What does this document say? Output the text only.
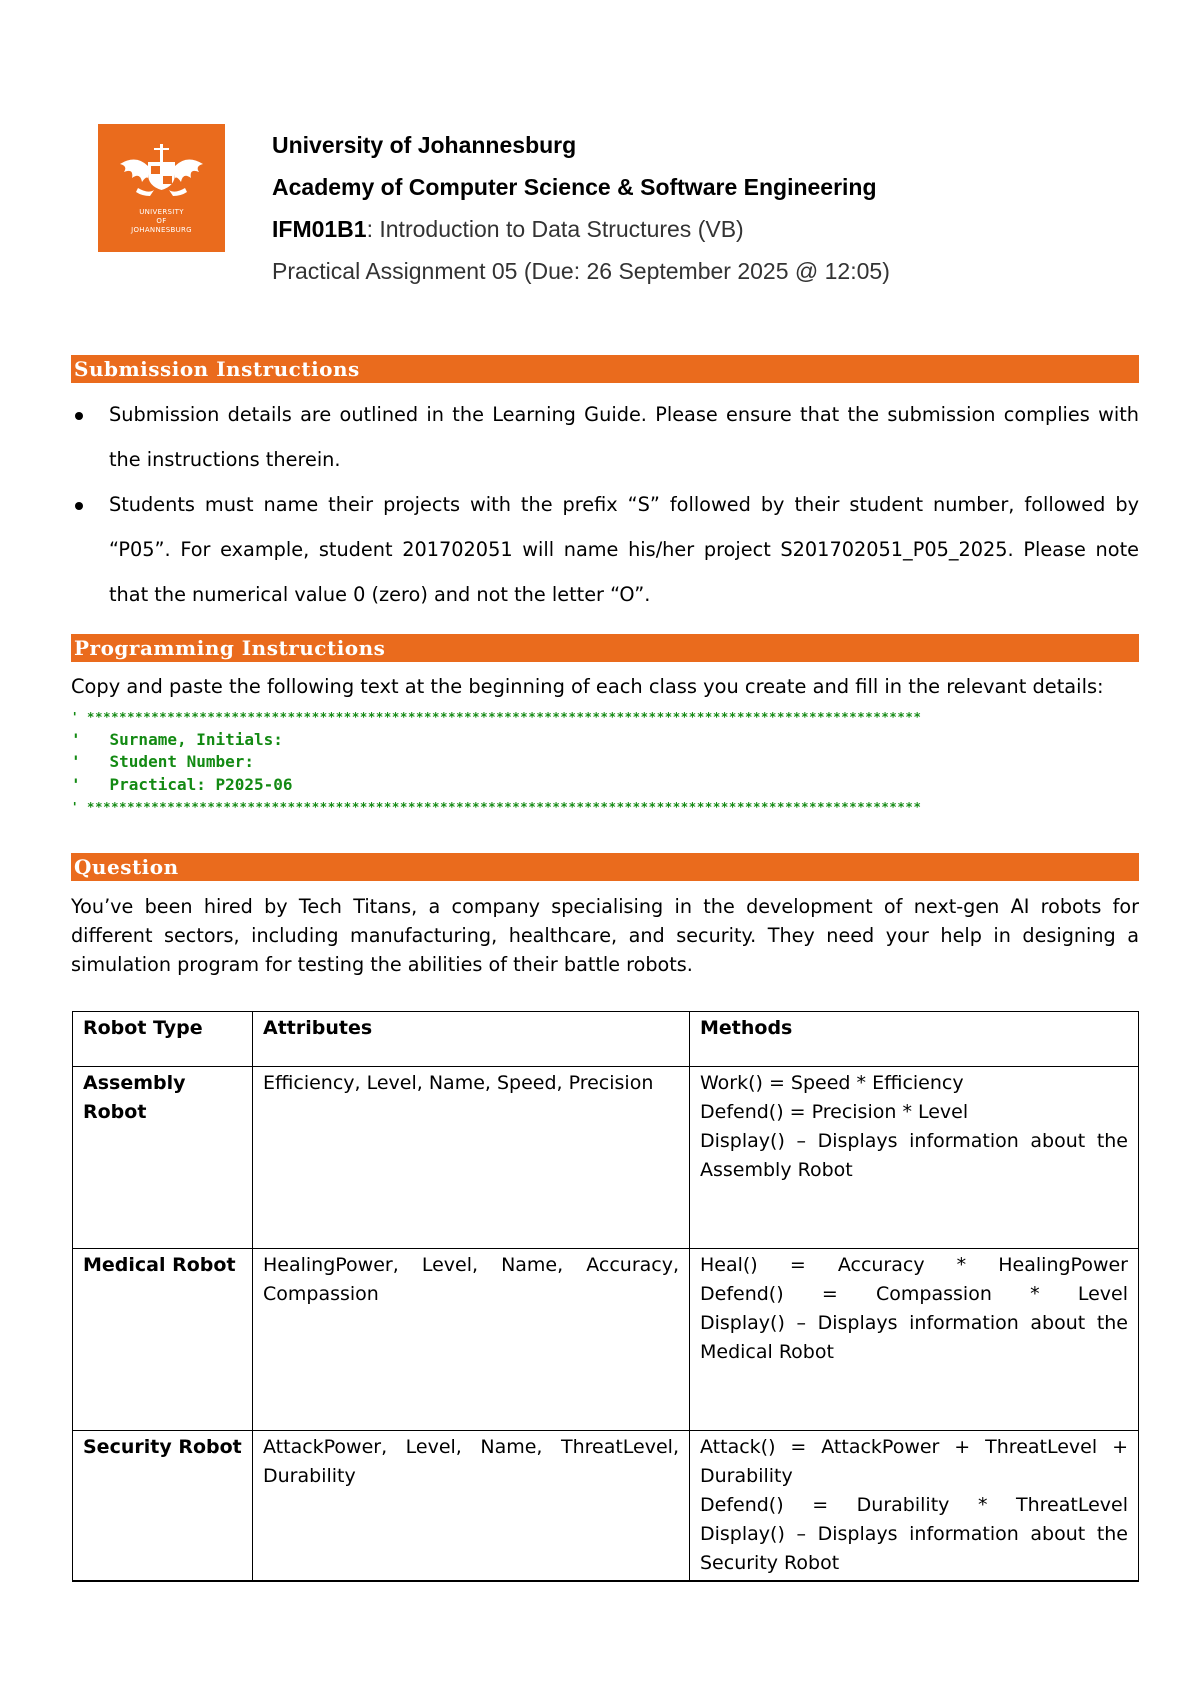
UNIVERSITY
OF
JOHANNESBURG
University of Johannesburg
Academy of Computer Science & Software Engineering
IFM01B1: Introduction to Data Structures (VB)
Practical Assignment 05 (Due: 26 September 2025 @ 12:05)
Submission Instructions
Submission details are outlined in the Learning Guide. Please ensure that the submission complies with the instructions therein.
Students must name their projects with the prefix “S” followed by their student number, followed by “P05”. For example, student 201702051 will name his/her project S201702051_P05_2025. Please note that the numerical value 0 (zero) and not the letter “O”.
Programming Instructions
Copy and paste the following text at the beginning of each class you create and fill in the relevant details:
' ********************************************************************************************************
'   Surname, Initials:
'   Student Number:
'   Practical: P2025-06
' ********************************************************************************************************
Question
You’ve been hired by Tech Titans, a company specialising in the development of next-gen AI robots for different sectors, including manufacturing, healthcare, and security. They need your help in designing a simulation program for testing the abilities of their battle robots.
Robot Type	Attributes	Methods
Assembly Robot	Efficiency, Level, Name, Speed, Precision	Work() = Speed * Efficiency
Defend() = Precision * Level
Display() – Displays information about the
Assembly Robot

Medical Robot	HealingPower, Level, Name, Accuracy, Compassion	Heal() = Accuracy * HealingPower
Defend() = Compassion * Level
Display() – Displays information about the
Medical Robot

Security Robot	AttackPower, Level, Name, ThreatLevel, Durability	Attack() = AttackPower + ThreatLevel +
Durability
Defend() = Durability * ThreatLevel
Display() – Displays information about the
Security Robot
